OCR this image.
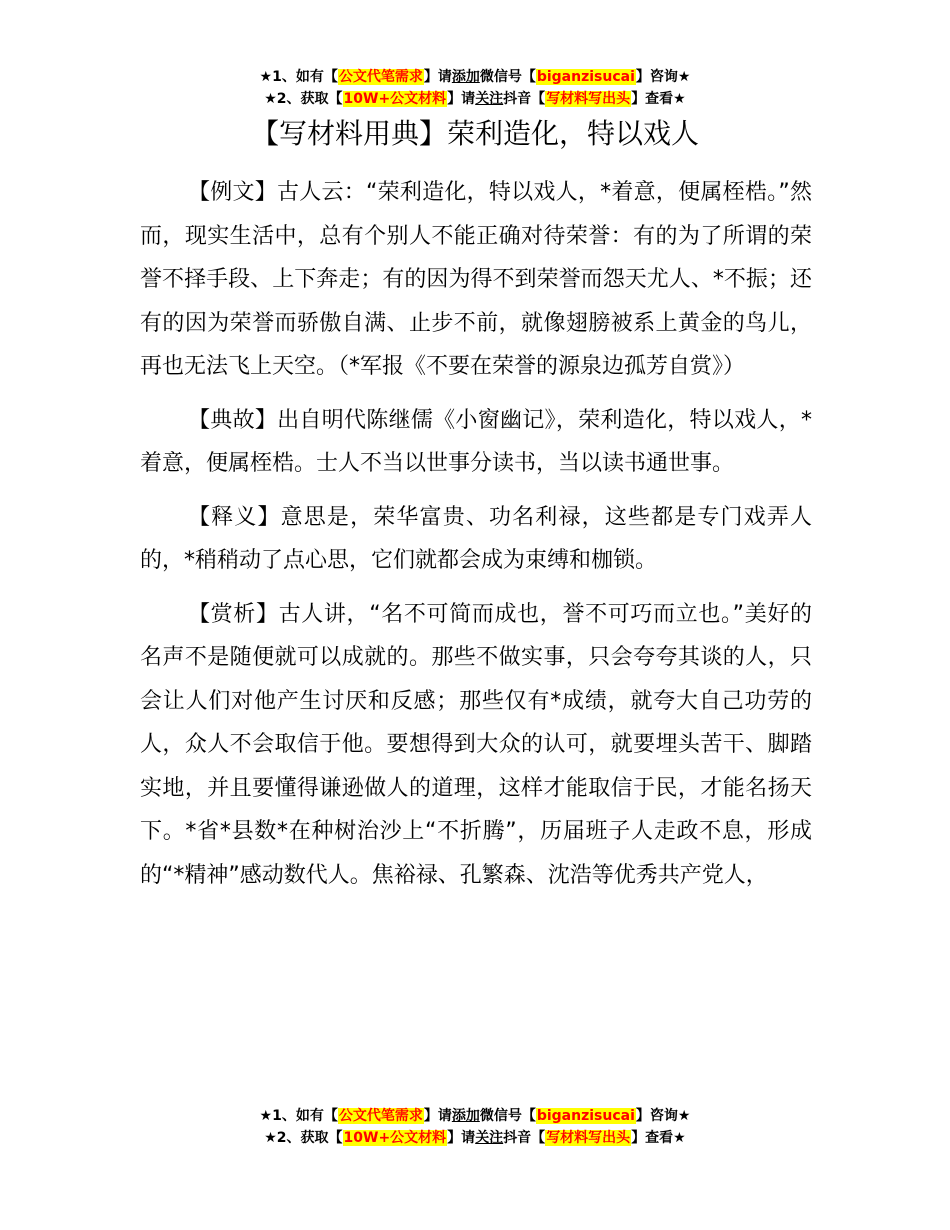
★1、如有【公文代笔需求】请添加微信号【biganzisucai】咨询★
★2、获取【10W+公文材料】请关注抖音【写材料写出头】查看★
【写材料用典】荣利造化，特以戏人

【例文】古人云：“荣利造化，特以戏人，*着意，便属桎梏。”然而，现实生活中，总有个别人不能正确对待荣誉：有的为了所谓的荣誉不择手段、上下奔走；有的因为得不到荣誉而怨天尤人、*不振；还有的因为荣誉而骄傲自满、止步不前，就像翅膀被系上黄金的鸟儿，再也无法飞上天空。（*军报《不要在荣誉的源泉边孤芳自赏》）

【典故】出自明代陈继儒《小窗幽记》，荣利造化，特以戏人，*着意，便属桎梏。士人不当以世事分读书，当以读书通世事。

【释义】意思是，荣华富贵、功名利禄，这些都是专门戏弄人的，*稍稍动了点心思，它们就都会成为束缚和枷锁。

【赏析】古人讲，“名不可简而成也，誉不可巧而立也。”美好的名声不是随便就可以成就的。那些不做实事，只会夸夸其谈的人，只会让人们对他产生讨厌和反感；那些仅有*成绩，就夸大自己功劳的人，众人不会取信于他。要想得到大众的认可，就要埋头苦干、脚踏实地，并且要懂得谦逊做人的道理，这样才能取信于民，才能名扬天下。*省*县数*在种树治沙上“不折腾”，历届班子人走政不息，形成的“*精神”感动数代人。焦裕禄、孔繁森、沈浩等优秀共产党人，

★1、如有【公文代笔需求】请添加微信号【biganzisucai】咨询★
★2、获取【10W+公文材料】请关注抖音【写材料写出头】查看★
